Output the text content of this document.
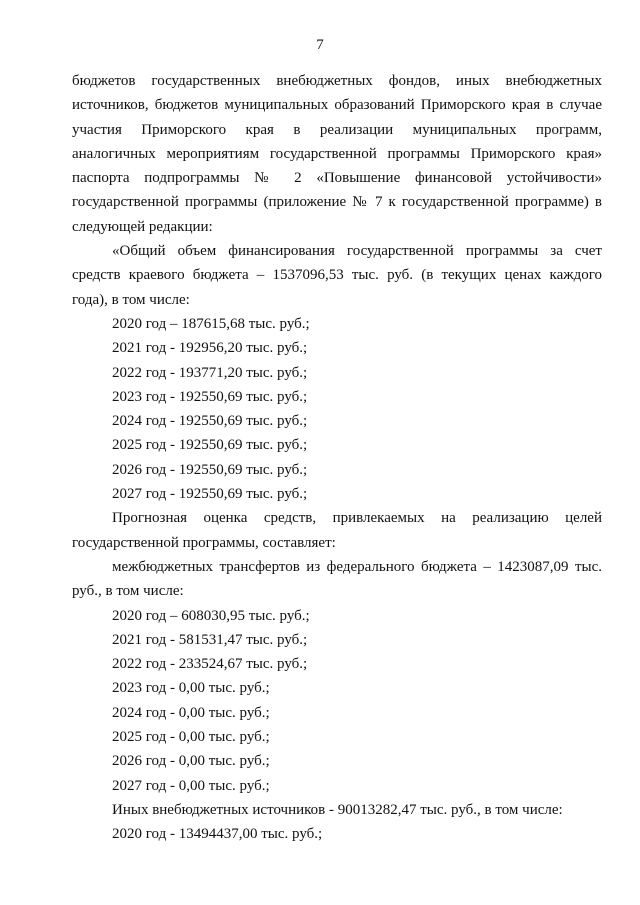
7
бюджетов государственных внебюджетных фондов, иных внебюджетных
источников, бюджетов муниципальных образований Приморского края в случае
участия Приморского края в реализации муниципальных программ,
аналогичных мероприятиям государственной программы Приморского края»
паспорта подпрограммы № 2 «Повышение финансовой устойчивости»
государственной программы (приложение № 7 к государственной программе) в
следующей редакции:
«Общий объем финансирования государственной программы за счет
средств краевого бюджета – 1537096,53 тыс. руб. (в текущих ценах каждого
года), в том числе:
2020 год – 187615,68 тыс. руб.;
2021 год - 192956,20 тыс. руб.;
2022 год - 193771,20 тыс. руб.;
2023 год - 192550,69 тыс. руб.;
2024 год - 192550,69 тыс. руб.;
2025 год - 192550,69 тыс. руб.;
2026 год - 192550,69 тыс. руб.;
2027 год - 192550,69 тыс. руб.;
Прогнозная оценка средств, привлекаемых на реализацию целей
государственной программы, составляет:
межбюджетных трансфертов из федерального бюджета – 1423087,09 тыс.
руб., в том числе:
2020 год – 608030,95 тыс. руб.;
2021 год - 581531,47 тыс. руб.;
2022 год - 233524,67 тыс. руб.;
2023 год - 0,00 тыс. руб.;
2024 год - 0,00 тыс. руб.;
2025 год - 0,00 тыс. руб.;
2026 год - 0,00 тыс. руб.;
2027 год - 0,00 тыс. руб.;
Иных внебюджетных источников - 90013282,47 тыс. руб., в том числе:
2020 год - 13494437,00 тыс. руб.;
